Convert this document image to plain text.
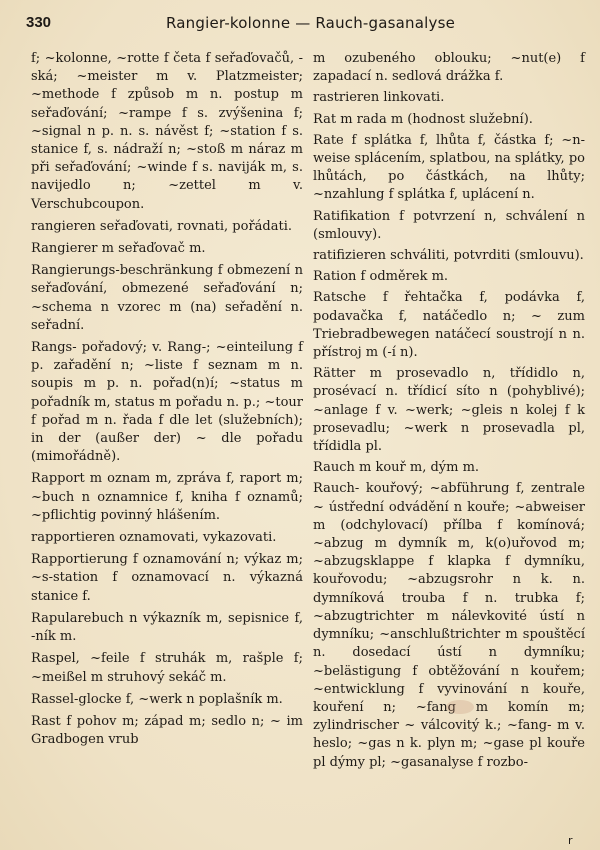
330	Rangier-kolonne — Rauch-gasanalyse

f; ~kolonne, ~rotte f četa f seřaďovačů, -ská; ~meister m v. Platzmeister; ~methode f způsob m n. postup m seřaďování; ~rampe f s. zvýšenina f; ~signal n p. n. s. návěst f; ~station f s. stanice f, s. nádraží n; ~stoß m náraz m při seřaďování; ~winde f s. naviják m, s. navijedlo n; ~zettel m v. Verschubcoupon.

rangieren seřaďovati, rovnati, pořádati.

Rangierer m seřaďovač m.

Rangierungs-beschränkung f obmezení n seřaďování, obmezené seřaďování n; ~schema n vzorec m (na) seřadění n. seřadní.

Rangs- pořadový; v. Rang-; ~einteilung f p. zařadění n; ~liste f seznam m n. soupis m p. n. pořad(n)í; ~status m pořadník m, status m pořadu n. p.; ~tour f pořad m n. řada f dle let (služebních); in der (außer der) ~ dle pořadu (mimořádně).

Rapport m oznam m, zpráva f, raport m; ~buch n oznamnice f, kniha f oznamů; ~pflichtig povinný hlášením.

rapportieren oznamovati, vykazovati.

Rapportierung f oznamování n; výkaz m; ~s-station f oznamovací n. výkazná stanice f.

Rapularebuch n výkazník m, sepisnice f, -ník m.

Raspel, ~feile f struhák m, rašple f; ~meißel m struhový sekáč m.

Rassel-glocke f, ~werk n poplašník m.

Rast f pohov m; západ m; sedlo n; ~ im Gradbogen vrub

m ozubeného oblouku; ~nut(e) f zapadací n. sedlová drážka f.

rastrieren linkovati.

Rat m rada m (hodnost služební).

Rate f splátka f, lhůta f, částka f; ~n-weise splácením, splatbou, na splátky, po lhůtách, po částkách, na lhůty; ~nzahlung f splátka f, uplácení n.

Ratifikation f potvrzení n, schválení n (smlouvy).

ratifizieren schváliti, potvrditi (smlouvu).

Ration f odměrek m.

Ratsche f řehtačka f, podávka f, podavačka f, natáčedlo n; ~ zum Triebradbewegen natáčecí soustrojí n n. přístroj m (-í n).

Rätter m prosevadlo n, třídidlo n, prosévací n. třídicí síto n (pohyblivé); ~anlage f v. ~werk; ~gleis n kolej f k prosevadlu; ~werk n prosevadla pl, třídidla pl.

Rauch m kouř m, dým m.

Rauch- kouřový; ~abführung f, zentrale ~ ústřední odvádění n kouře; ~abweiser m (odchylovací) přílba f komínová; ~abzug m dymník m, k(o)uřovod m; ~abzugsklappe f klapka f dymníku, kouřovodu; ~abzugsrohr n k. n. dymníková trouba f n. trubka f; ~abzugtrichter m nálevkovité ústí n dymníku; ~anschlußtrichter m spouštěcí n. dosedací ústí n dymníku; ~belästigung f obtěžování n kouřem; ~entwicklung f vyvinování n kouře, kouření n; ~fang m komín m; zylindrischer ~ válcovitý k.; ~fang- m v. heslo; ~gas n k. plyn m; ~gase pl kouře pl dýmy pl; ~gasanalyse f rozbo-

r
